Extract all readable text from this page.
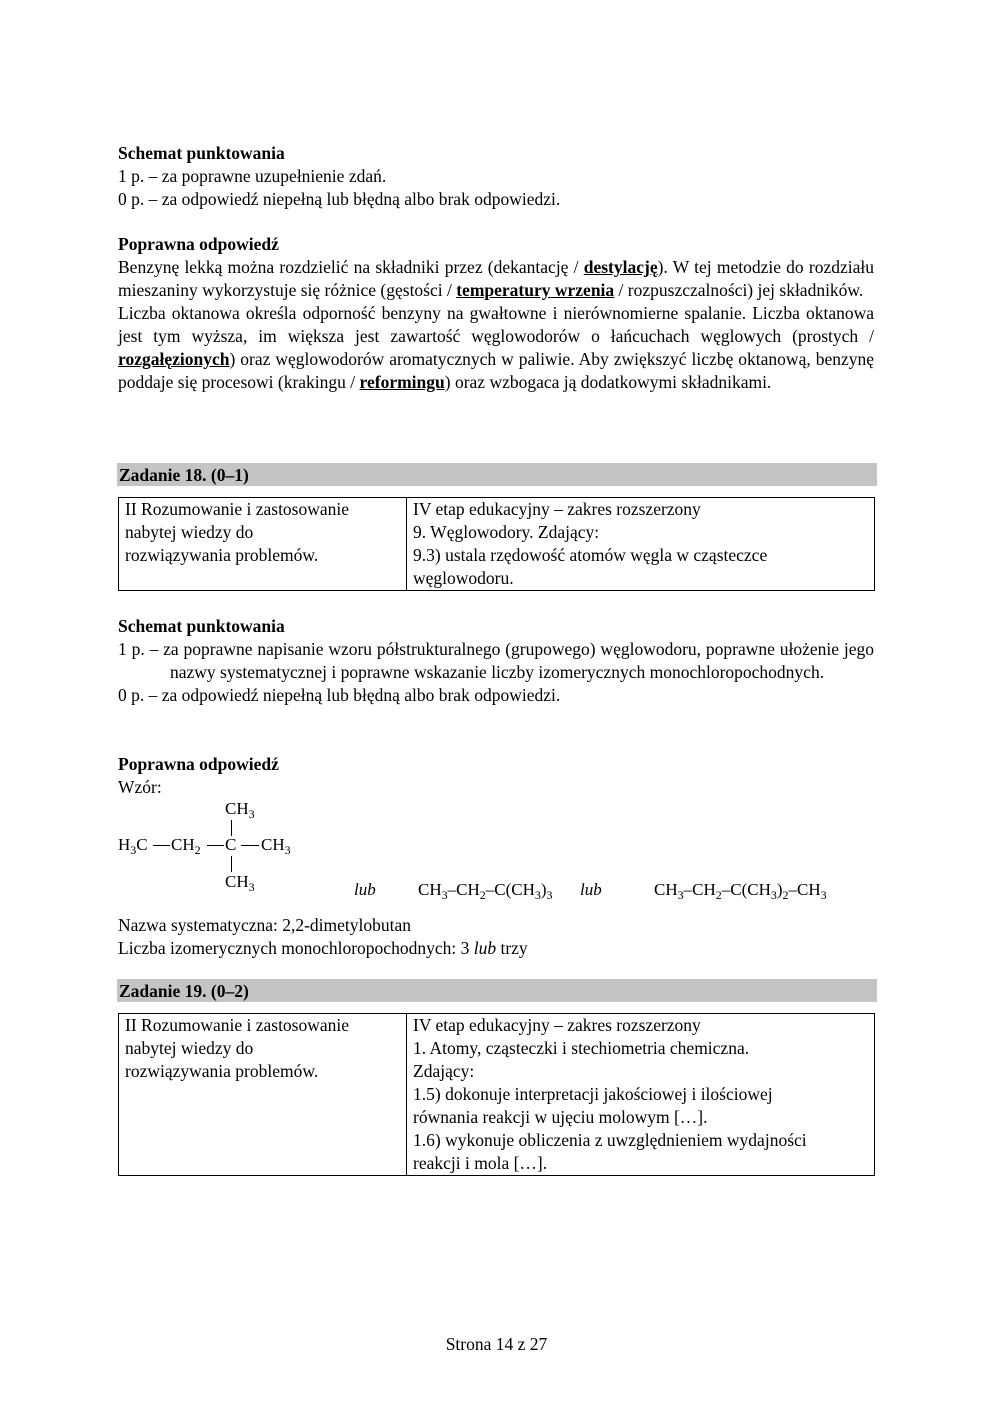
Schemat punktowania

1 p. – za poprawne uzupełnienie zdań.

0 p. – za odpowiedź niepełną lub błędną albo brak odpowiedzi.

Poprawna odpowiedź

Benzynę lekką można rozdzielić na składniki przez (dekantację / destylację). W tej metodzie do rozdziału mieszaniny wykorzystuje się różnice (gęstości / temperatury wrzenia / rozpuszczalności) jej składników.

Liczba oktanowa określa odporność benzyny na gwałtowne i nierównomierne spalanie. Liczba oktanowa jest tym wyższa, im większa jest zawartość węglowodorów o łańcuchach węglowych (prostych / rozgałęzionych) oraz węglowodorów aromatycznych w paliwie. Aby zwiększyć liczbę oktanową, benzynę poddaje się procesowi (krakingu / reformingu) oraz wzbogaca ją dodatkowymi składnikami.

Zadanie 18. (0–1)
II Rozumowanie i zastosowanie
nabytej wiedzy do
rozwiązywania problemów.

IV etap edukacyjny – zakres rozszerzony
9. Węglowodory. Zdający:
9.3) ustala rzędowość atomów węgla w cząsteczce
węglowodoru.

Schemat punktowania

1 p. – za poprawne napisanie wzoru półstrukturalnego (grupowego) węglowodoru, poprawne ułożenie jego nazwy systematycznej i poprawne wskazanie liczby izomerycznych monochloropochodnych.

0 p. – za odpowiedź niepełną lub błędną albo brak odpowiedzi.

Poprawna odpowiedź

Wzór:

$CH_3$
$H_3C$ $CH_2$ C $CH_3$
$CH_3$	lub $CH_3-CH_2-C(CH_3)_3$ lub	$CH_3-CH_2-C(CH_3)_2-CH_3$

Nazwa systematyczna: 2,2-dimetylobutan

Liczba izomerycznych monochloropochodnych: 3 lub trzy

Zadanie 19. (0–2)
II Rozumowanie i zastosowanie
nabytej wiedzy do
rozwiązywania problemów.

IV etap edukacyjny – zakres rozszerzony
1. Atomy, cząsteczki i stechiometria chemiczna.
Zdający:
1.5) dokonuje interpretacji jakościowej i ilościowej
równania reakcji w ujęciu molowym […].
1.6) wykonuje obliczenia z uwzględnieniem wydajności
reakcji i mola […].
Strona 14 z 27
